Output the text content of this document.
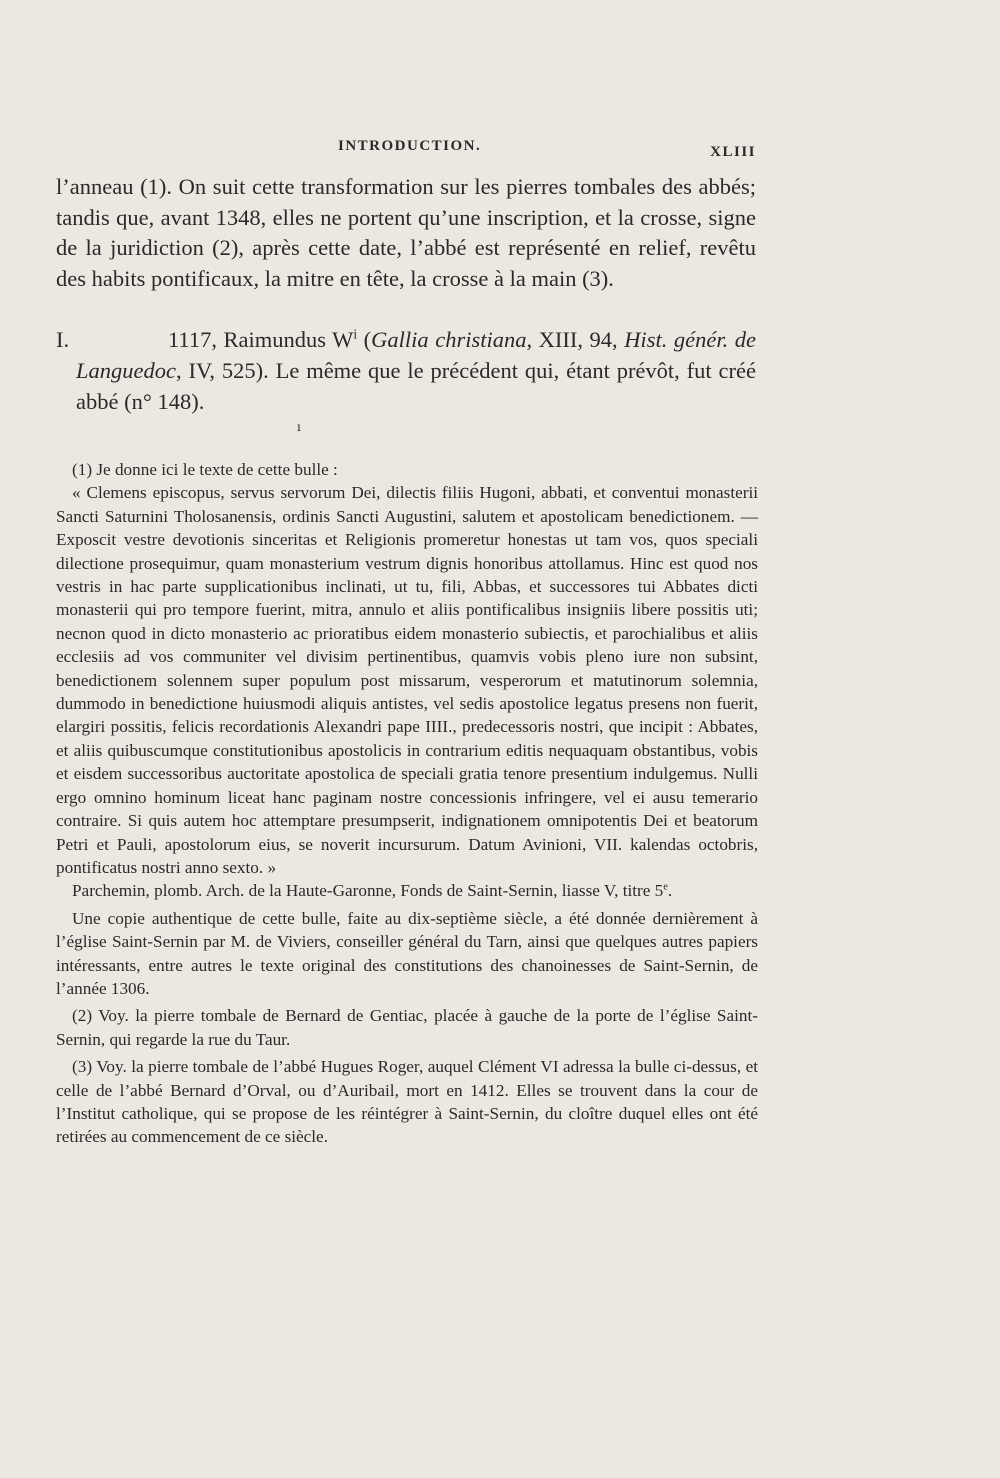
INTRODUCTION.	XLIII

l’anneau (1). On suit cette transformation sur les pierres tombales des abbés; tandis que, avant 1348, elles ne portent qu’une inscription, et la crosse, signe de la juridiction (2), après cette date, l’abbé est représenté en relief, revêtu des habits pontificaux, la mitre en tête, la crosse à la main (3).

I.	1117, Raimundus $W^i$ (Gallia christiana, XIII, 94, Hist. génér. de Languedoc, IV, 525). Le même que le précédent qui, étant prévôt, fut créé abbé (n° 148).
ı

(1) Je donne ici le texte de cette bulle :

« Clemens episcopus, servus servorum Dei, dilectis filiis Hugoni, abbati, et conventui monasterii Sancti Saturnini Tholosanensis, ordinis Sancti Augustini, salutem et apostolicam benedictionem. — Exposcit vestre devotionis sinceritas et Religionis promeretur honestas ut tam vos, quos speciali dilectione prosequimur, quam monasterium vestrum dignis honoribus attollamus. Hinc est quod nos vestris in hac parte supplicationibus inclinati, ut tu, fili, Abbas, et successores tui Abbates dicti monasterii qui pro tempore fuerint, mitra, annulo et aliis pontificalibus insigniis libere possitis uti; necnon quod in dicto monasterio ac prioratibus eidem monasterio subiectis, et parochialibus et aliis ecclesiis ad vos communiter vel divisim pertinentibus, quamvis vobis pleno iure non subsint, benedictionem solennem super populum post missarum, vesperorum et matutinorum solemnia, dummodo in benedictione huiusmodi aliquis antistes, vel sedis apostolice legatus presens non fuerit, elargiri possitis, felicis recordationis Alexandri pape IIII., predecessoris nostri, que incipit : Abbates, et aliis quibuscumque constitutionibus apostolicis in contrarium editis nequaquam obstantibus, vobis et eisdem successoribus auctoritate apostolica de speciali gratia tenore presentium indulgemus. Nulli ergo omnino hominum liceat hanc paginam nostre concessionis infringere, vel ei ausu temerario contraire. Si quis autem hoc attemptare presumpserit, indignationem omnipotentis Dei et beatorum Petri et Pauli, apostolorum eius, se noverit incursurum. Datum Avinioni, VII. kalendas octobris, pontificatus nostri anno sexto. »

Parchemin, plomb. Arch. de la Haute-Garonne, Fonds de Saint-Sernin, liasse V, titre 5e.

Une copie authentique de cette bulle, faite au dix-septième siècle, a été donnée dernièrement à l’église Saint-Sernin par M. de Viviers, conseiller général du Tarn, ainsi que quelques autres papiers intéressants, entre autres le texte original des constitutions des chanoinesses de Saint-Sernin, de l’année 1306.

(2) Voy. la pierre tombale de Bernard de Gentiac, placée à gauche de la porte de l’église Saint-Sernin, qui regarde la rue du Taur.

(3) Voy. la pierre tombale de l’abbé Hugues Roger, auquel Clément VI adressa la bulle ci-dessus, et celle de l’abbé Bernard d’Orval, ou d’Auribail, mort en 1412. Elles se trouvent dans la cour de l’Institut catholique, qui se propose de les réintégrer à Saint-Sernin, du cloître duquel elles ont été retirées au commencement de ce siècle.
